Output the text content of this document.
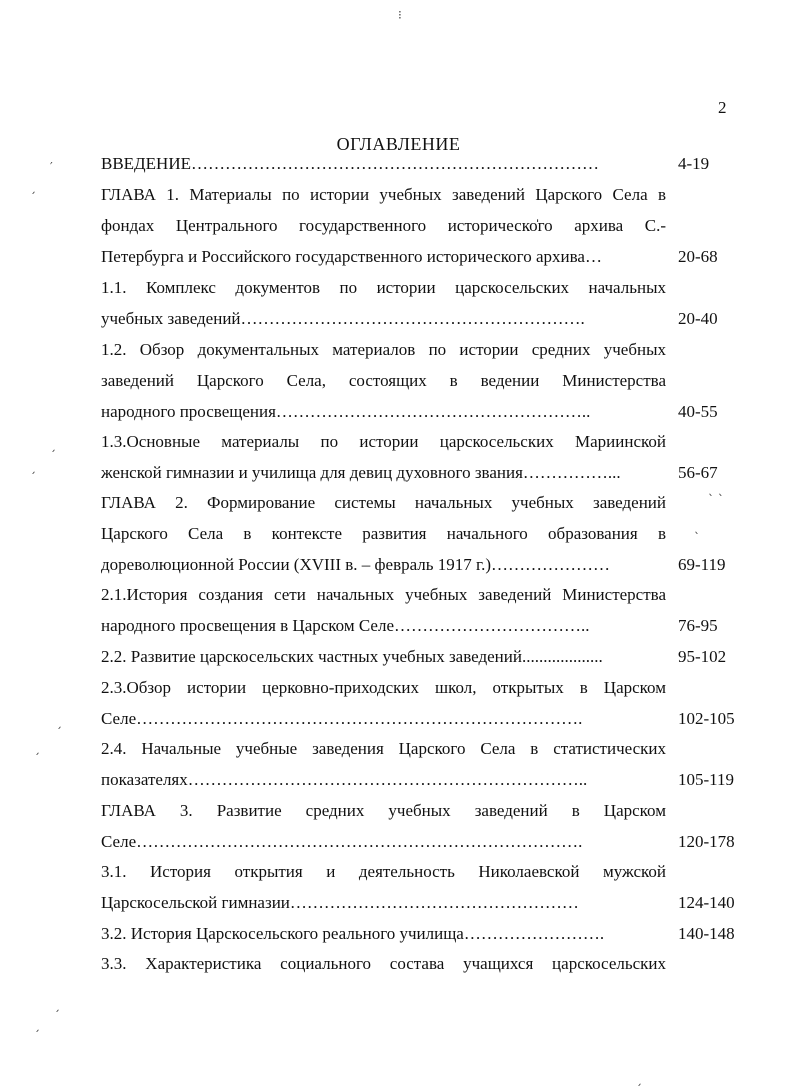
2
ОГЛАВЛЕНИЕ
ВВЕДЕНИЕ………………………………………………………………	4-19
ГЛАВА 1. Материалы по истории учебных заведений Царского Села в
фондах Центрального государственного историческо̍го архива С.-
Петербурга и Российского государственного исторического архива…	20-68
1.1. Комплекс документов по истории царскосельских начальных
учебных заведений…………………………………………………….	20-40
1.2. Обзор документальных материалов по истории средних учебных
заведений Царского Села, состоящих в ведении Министерства
народного просвещения………………………………………………..	40-55
1.3.Основные материалы по истории царскосельских Мариинской
женской гимназии и училища для девиц духовного звания……………...	56-67
ГЛАВА 2. Формирование системы начальных учебных заведений
Царского Села в контексте развития начального образования в
дореволюционной России (XVIII в. – февраль 1917 г.)…………………	69-119
2.1.История создания сети начальных учебных заведений Министерства
народного просвещения в Царском Селе……………………………..	76-95
2.2. Развитие царскосельских частных учебных заведений...................	95-102
2.3.Обзор истории церковно-приходских школ, открытых в Царском
Селе…………………………………………………………………….	102-105
2.4. Начальные учебные заведения Царского Села в статистических
показателях……………………………………………………………..	105-119
ГЛАВА 3. Развитие средних учебных заведений в Царском
Селе…………………………………………………………………….	120-178
3.1. История открытия и деятельность Николаевской мужской
Царскосельской гимназии……………………………………………	124-140
3.2. История Царскосельского реального училища…………………….	140-148
3.3. Характеристика социального состава учащихся царскосельских
⁝
′
ˏ
ˏ
ˏ
ˎ ˎ
ˎ
ˏ
ˏ
ˏ
ˏ
ˏ
